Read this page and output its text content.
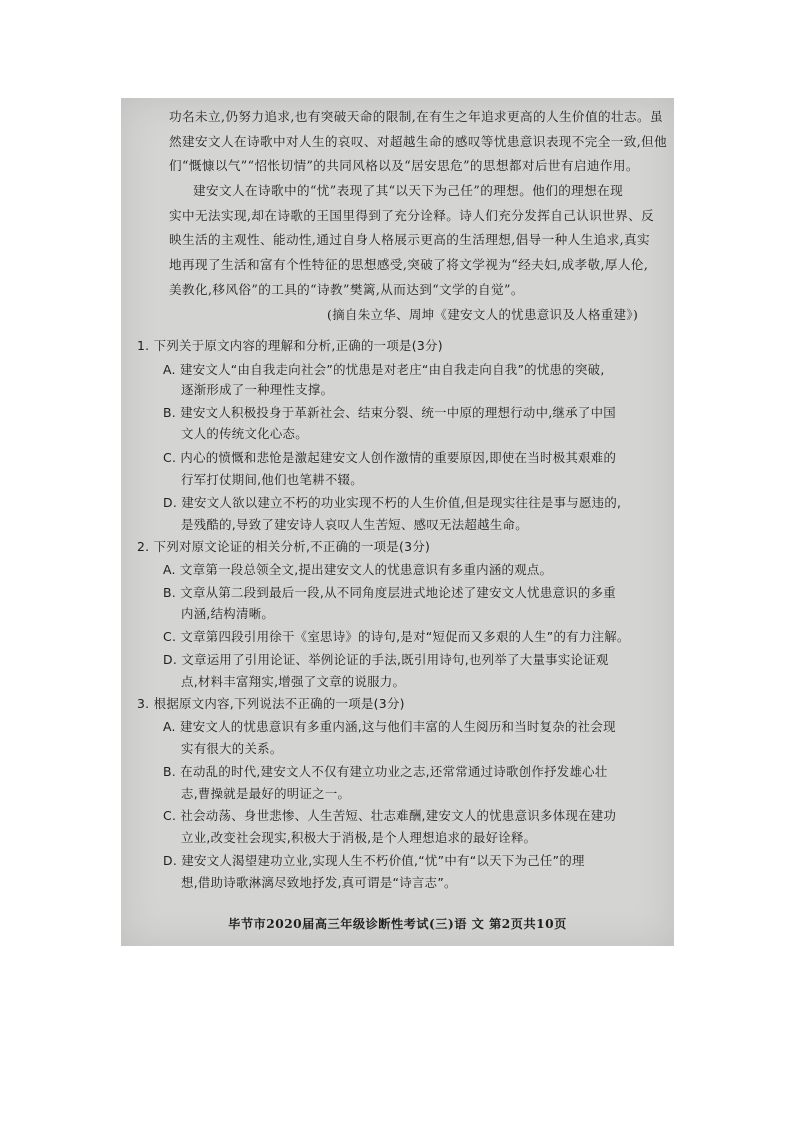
功名未立,仍努力追求,也有突破天命的限制,在有生之年追求更高的人生价值的壮志。虽
然建安文人在诗歌中对人生的哀叹、对超越生命的感叹等忧患意识表现不完全一致,但他
们“慨慷以气”“怊怅切情”的共同风格以及“居安思危”的思想都对后世有启迪作用。
建安文人在诗歌中的“忧”表现了其“以天下为己任”的理想。他们的理想在现
实中无法实现,却在诗歌的王国里得到了充分诠释。诗人们充分发挥自己认识世界、反
映生活的主观性、能动性,通过自身人格展示更高的生活理想,倡导一种人生追求,真实
地再现了生活和富有个性特征的思想感受,突破了将文学视为“经夫妇,成孝敬,厚人伦,
美教化,移风俗”的工具的“诗教”樊篱,从而达到“文学的自觉”。
(摘自朱立华、周坤《建安文人的忧患意识及人格重建》)
1. 下列关于原文内容的理解和分析,正确的一项是(3分)
A. 建安文人“由自我走向社会”的忧患是对老庄“由自我走向自我”的忧患的突破,
逐渐形成了一种理性支撑。
B. 建安文人积极投身于革新社会、结束分裂、统一中原的理想行动中,继承了中国
文人的传统文化心态。
C. 内心的愤慨和悲怆是激起建安文人创作激情的重要原因,即使在当时极其艰难的
行军打仗期间,他们也笔耕不辍。
D. 建安文人欲以建立不朽的功业实现不朽的人生价值,但是现实往往是事与愿违的,
是残酷的,导致了建安诗人哀叹人生苦短、感叹无法超越生命。
2. 下列对原文论证的相关分析,不正确的一项是(3分)
A. 文章第一段总领全文,提出建安文人的忧患意识有多重内涵的观点。
B. 文章从第二段到最后一段,从不同角度层进式地论述了建安文人忧患意识的多重
内涵,结构清晰。
C. 文章第四段引用徐干《室思诗》的诗句,是对“短促而又多艰的人生”的有力注解。
D. 文章运用了引用论证、举例论证的手法,既引用诗句,也列举了大量事实论证观
点,材料丰富翔实,增强了文章的说服力。
3. 根据原文内容,下列说法不正确的一项是(3分)
A. 建安文人的忧患意识有多重内涵,这与他们丰富的人生阅历和当时复杂的社会现
实有很大的关系。
B. 在动乱的时代,建安文人不仅有建立功业之志,还常常通过诗歌创作抒发雄心壮
志,曹操就是最好的明证之一。
C. 社会动荡、身世悲惨、人生苦短、壮志难酬,建安文人的忧患意识多体现在建功
立业,改变社会现实,积极大于消极,是个人理想追求的最好诠释。
D. 建安文人渴望建功立业,实现人生不朽价值,“忧”中有“以天下为己任”的理
想,借助诗歌淋漓尽致地抒发,真可谓是“诗言志”。
毕节市2020届高三年级诊断性考试(三)语 文 第2页共10页
